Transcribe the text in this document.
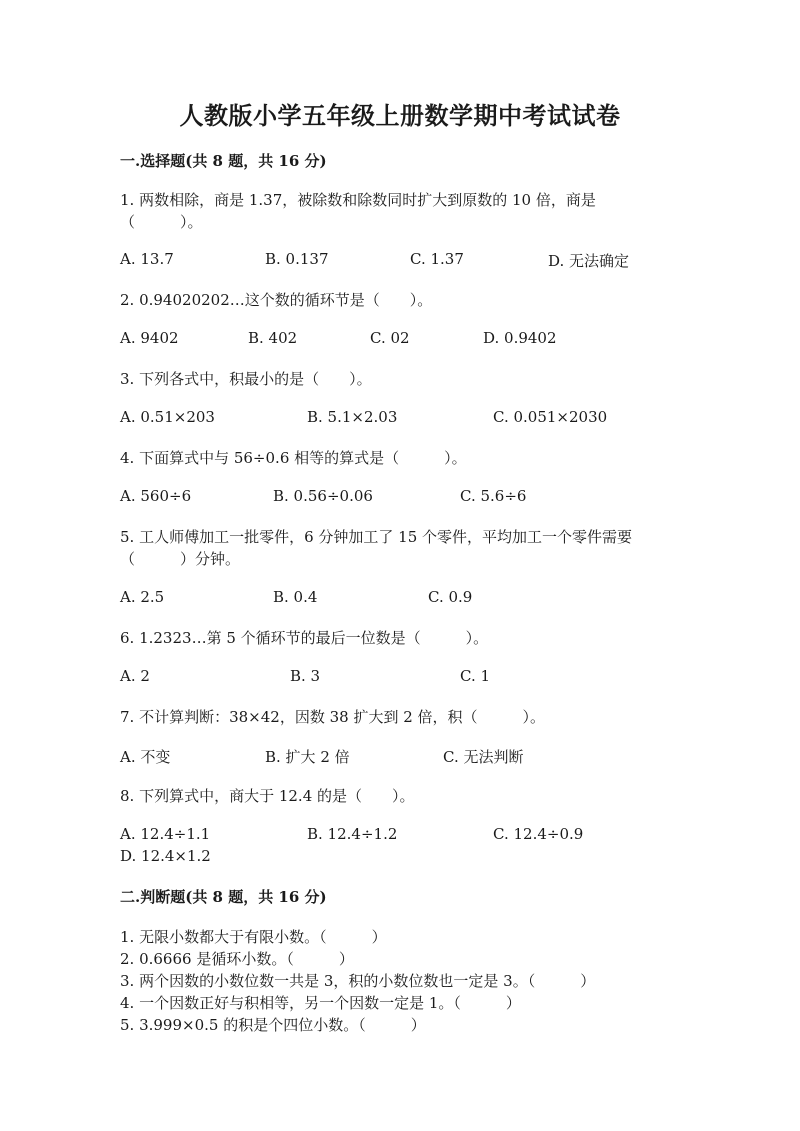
人教版小学五年级上册数学期中考试试卷
一.选择题(共 8 题，共 16 分)
1. 两数相除，商是 1.37，被除数和除数同时扩大到原数的 10 倍，商是
（　　　）。
A. 13.7	B. 0.137	C. 1.37	D. 无法确定
2. 0.94020202…这个数的循环节是（　　）。
A. 9402	B. 402	C. 02	D. 0.9402
3. 下列各式中，积最小的是（　　）。
A. 0.51×203	B. 5.1×2.03	C. 0.051×2030
4. 下面算式中与 56÷0.6 相等的算式是（　　　）。
A. 560÷6	B. 0.56÷0.06	C. 5.6÷6
5. 工人师傅加工一批零件，6 分钟加工了 15 个零件，平均加工一个零件需要
（　　　）分钟。
A. 2.5	B. 0.4	C. 0.9
6. 1.2323…第 5 个循环节的最后一位数是（　　　）。
A. 2	B. 3	C. 1
7. 不计算判断：38×42，因数 38 扩大到 2 倍，积（　　　）。
A. 不变	B. 扩大 2 倍	C. 无法判断
8. 下列算式中，商大于 12.4 的是（　　）。
A. 12.4÷1.1	B. 12.4÷1.2	C. 12.4÷0.9
D. 12.4×1.2
二.判断题(共 8 题，共 16 分)
1. 无限小数都大于有限小数。（　　　）
2. 0.6666 是循环小数。（　　　）
3. 两个因数的小数位数一共是 3，积的小数位数也一定是 3。（　　　）
4. 一个因数正好与积相等，另一个因数一定是 1。（　　　）
5. 3.999×0.5 的积是个四位小数。（　　　）
